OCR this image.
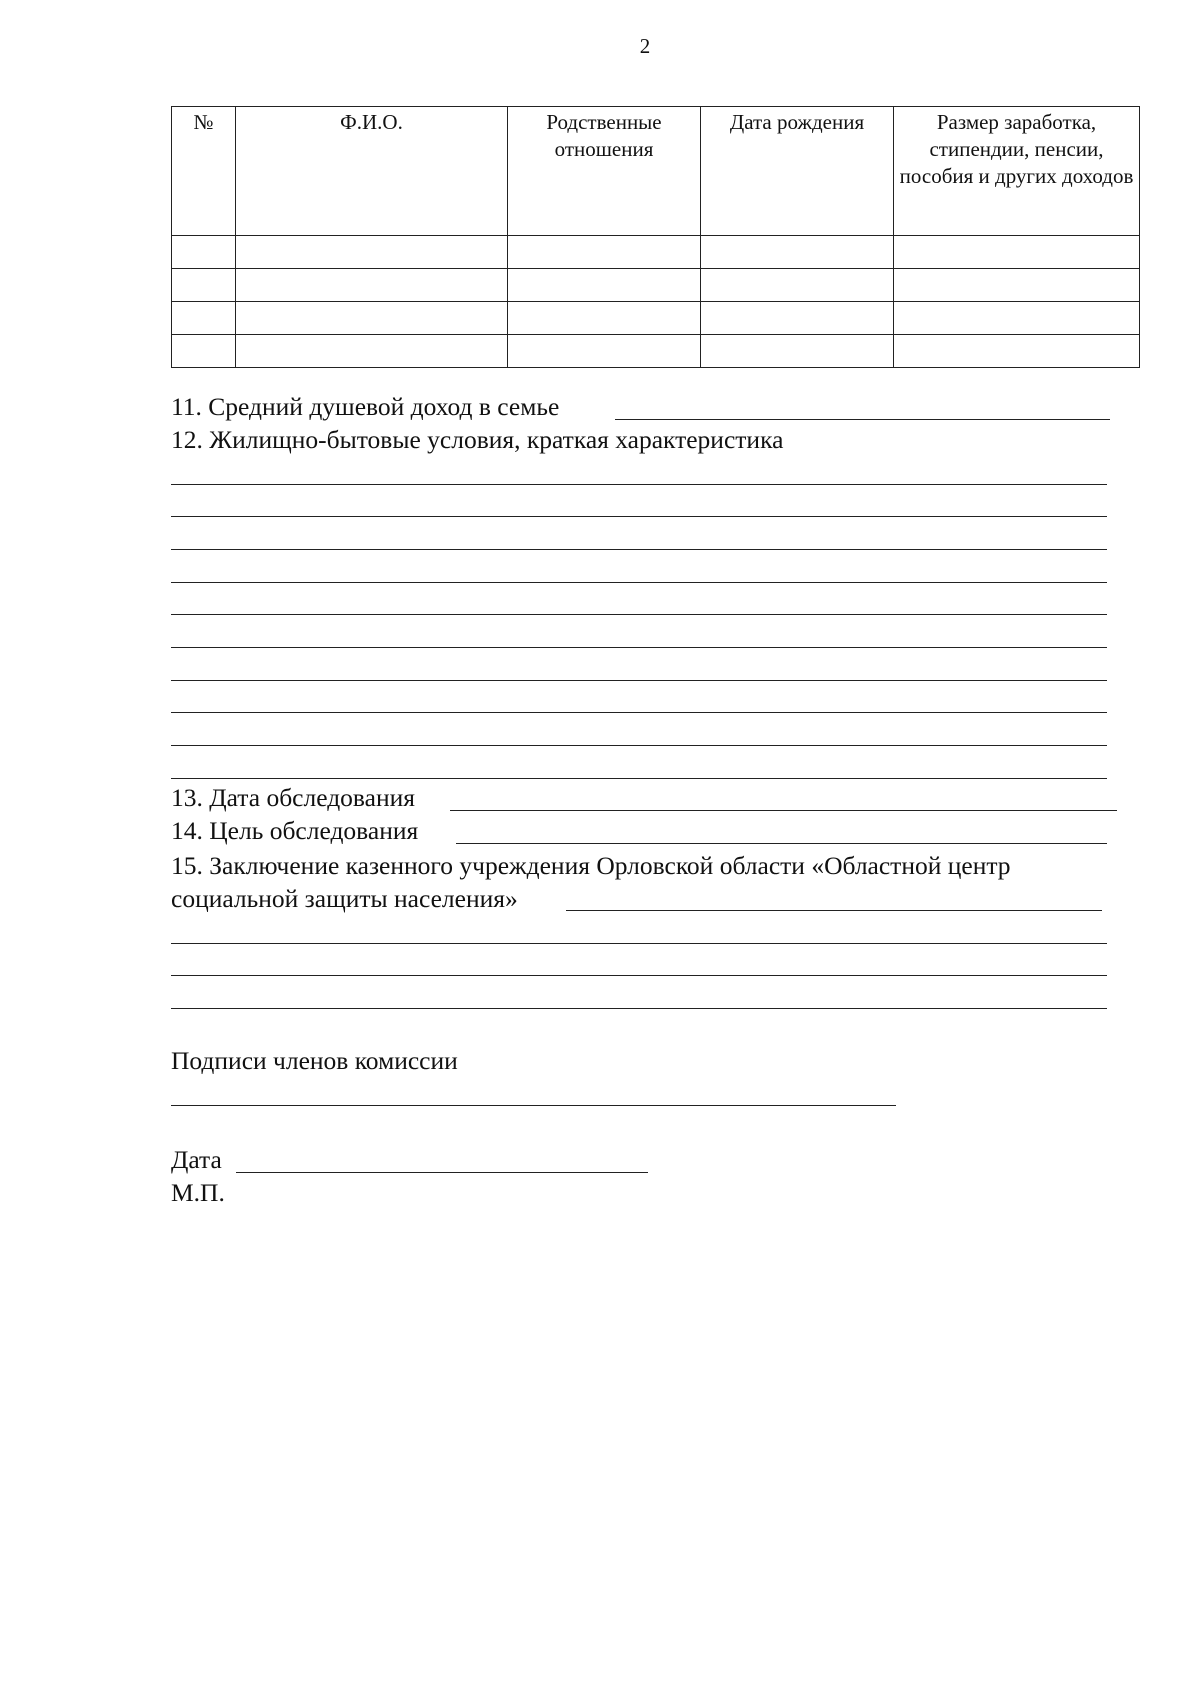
2
№	Ф.И.О.	Родственные отношения	Дата рождения	Размер заработка, стипендии, пенсии, пособия и других доходов

11. Средний душевой доход в семье
12. Жилищно-бытовые условия, краткая характеристика
13. Дата обследования
14. Цель обследования
15. Заключение казенного учреждения Орловской области «Областной центр
социальной защиты населения»
Подписи членов комиссии
Дата
М.П.
